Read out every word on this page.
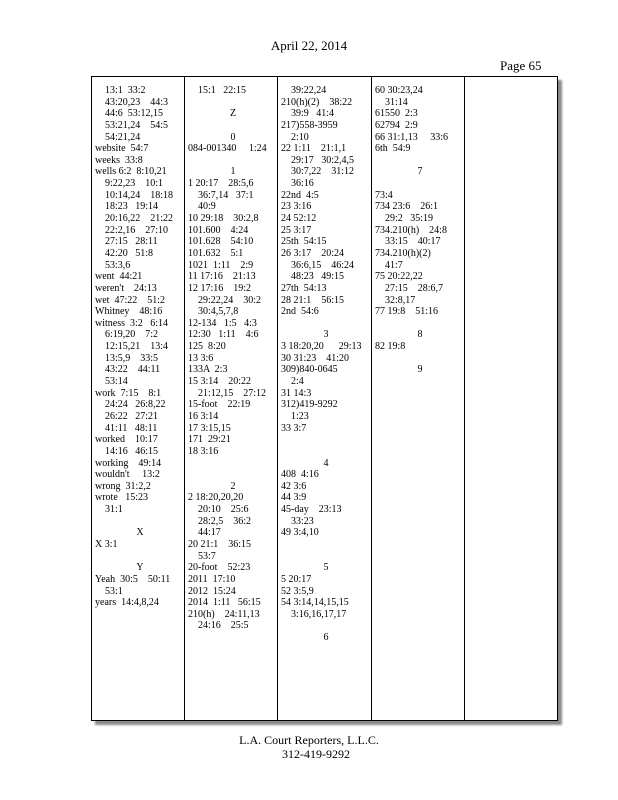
April 22, 2014
Page 65
13:1  33:2
43:20,23    44:3
44:6  53:12,15
53:21,24    54:5
54:21,24
website  54:7
weeks  33:8
wells 6:2  8:10,21
9:22,23    10:1
10:14,24    18:18
18:23   19:14
20:16,22    21:22
22:2,16    27:10
27:15   28:11
42:20   51:8
53:3,6
went  44:21
weren't    24:13
wet  47:22    51:2
Whitney    48:16
witness  3:2   6:14
6:19,20    7:2
12:15,21    13:4
13:5,9    33:5
43:22    44:11
53:14
work  7:15    8:1
24:24   26:8,22
26:22   27:21
41:11   48:11
worked    10:17
14:16   46:15
working    49:14
wouldn't     13:2
wrong  31:2,2
wrote   15:23
31:1
X
X 3:1
Y
Yeah  30:5    50:11
53:1
years  14:4,8,24
15:1   22:15
Z
0
084-001340     1:24
1
1 20:17    28:5,6
36:7,14   37:1
40:9
10 29:18    30:2,8
101.600    4:24
101.628    54:10
101.632    5:1
1021  1:11    2:9
11 17:16    21:13
12 17:16    19:2
29:22,24    30:2
30:4,5,7,8
12-134   1:5   4:3
12:30   1:11    4:6
125  8:20
13 3:6
133A  2:3
15 3:14    20:22
21:12,15    27:12
15-foot    22:19
16 3:14
17 3:15,15
171  29:21
18 3:16
2
2 18:20,20,20
20:10    25:6
28:2,5    36:2
44:17
20 21:1    36:15
53:7
20-foot    52:23
2011  17:10
2012  15:24
2014  1:11   56:15
210(h)    24:11,13
24:16    25:5
39:22,24
210(h)(2)    38:22
39:9   41:4
217)558-3959
2:10
22 1:11    21:1,1
29:17   30:2,4,5
30:7,22    31:12
36:16
22nd  4:5
23 3:16
24 52:12
25 3:17
25th  54:15
26 3:17    20:24
36:6,15    46:24
48:23   49:15
27th  54:13
28 21:1    56:15
2nd  54:6
3
3 18:20,20      29:13
30 31:23    41:20
309)840-0645
2:4
31 14:3
312)419-9292
1:23
33 3:7
4
408  4:16
42 3:6
44 3:9
45-day    23:13
33:23
49 3:4,10
5
5 20:17
52 3:5,9
54 3:14,14,15,15
3:16,16,17,17
6
60 30:23,24
31:14
61550  2:3
62794  2:9
66 31:1,13     33:6
6th  54:9
7
73:4
734 23:6    26:1
29:2   35:19
734.210(h)    24:8
33:15    40:17
734.210(h)(2)
41:7
75 20:22,22
27:15    28:6,7
32:8,17
77 19:8    51:16
8
82 19:8
9
L.A. Court Reporters, L.L.C.
312-419-9292
